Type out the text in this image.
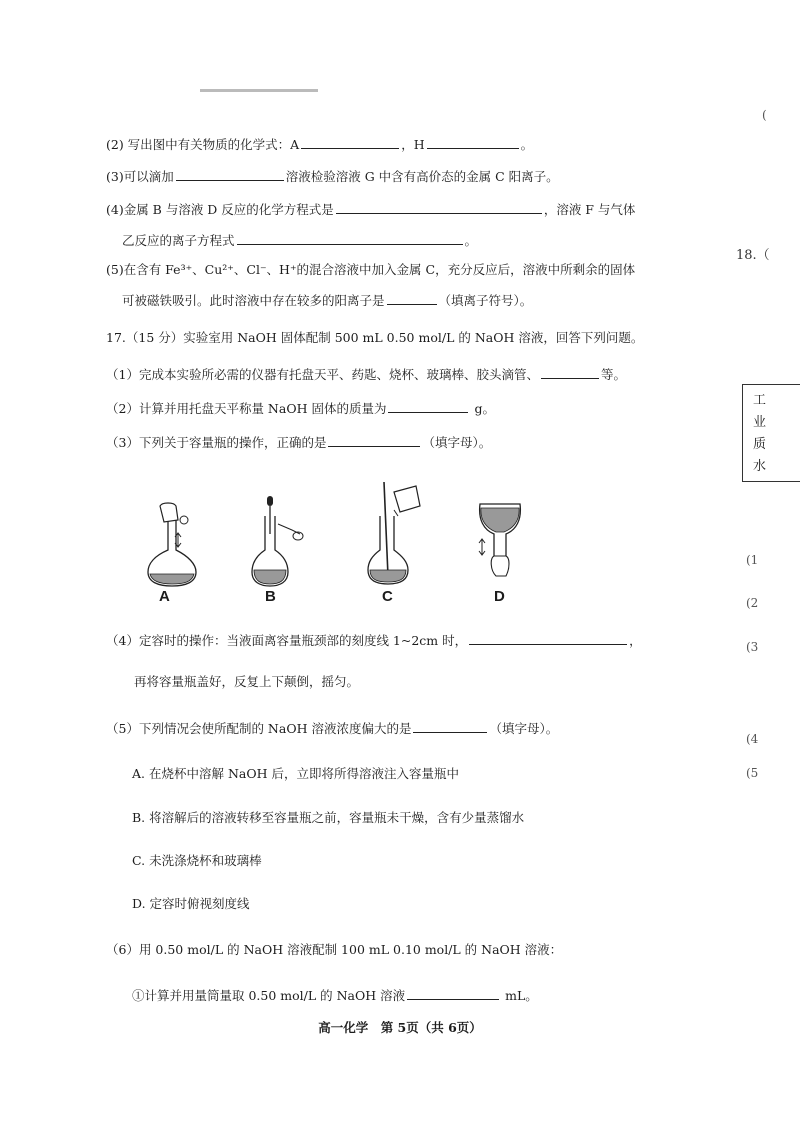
(2) 写出图中有关物质的化学式：A	，H	。
(3)可以滴加	溶液检验溶液 G 中含有高价态的金属 C 阳离子。
(4)金属 B 与溶液 D 反应的化学方程式是	，溶液 F 与气体
乙反应的离子方程式	。
(5)在含有 Fe³⁺、Cu²⁺、Cl⁻、H⁺的混合溶液中加入金属 C，充分反应后，溶液中所剩余的固体
可被磁铁吸引。此时溶液中存在较多的阳离子是	（填离子符号）。
17.（15 分）实验室用 NaOH 固体配制 500 mL 0.50 mol/L 的 NaOH 溶液，回答下列问题。
（1）完成本实验所必需的仪器有托盘天平、药匙、烧杯、玻璃棒、胶头滴管、	等。
（2）计算并用托盘天平称量 NaOH 固体的质量为	g。
（3）下列关于容量瓶的操作，正确的是	（填字母）。
A	B	C	D
（4）定容时的操作：当液面离容量瓶颈部的刻度线 1~2cm 时，	，
再将容量瓶盖好，反复上下颠倒，摇匀。
（5）下列情况会使所配制的 NaOH 溶液浓度偏大的是	（填字母）。
A. 在烧杯中溶解 NaOH 后，立即将所得溶液注入容量瓶中
B. 将溶解后的溶液转移至容量瓶之前，容量瓶未干燥，含有少量蒸馏水
C. 未洗涤烧杯和玻璃棒
D. 定容时俯视刻度线
（6）用 0.50 mol/L 的 NaOH 溶液配制 100 mL 0.10 mol/L 的 NaOH 溶液：
①计算并用量筒量取 0.50 mol/L 的 NaOH 溶液	mL。
高一化学　第 5页（共 6页）
(
18.（
工
业
质
水
(1
(2
(3
(4
(5
